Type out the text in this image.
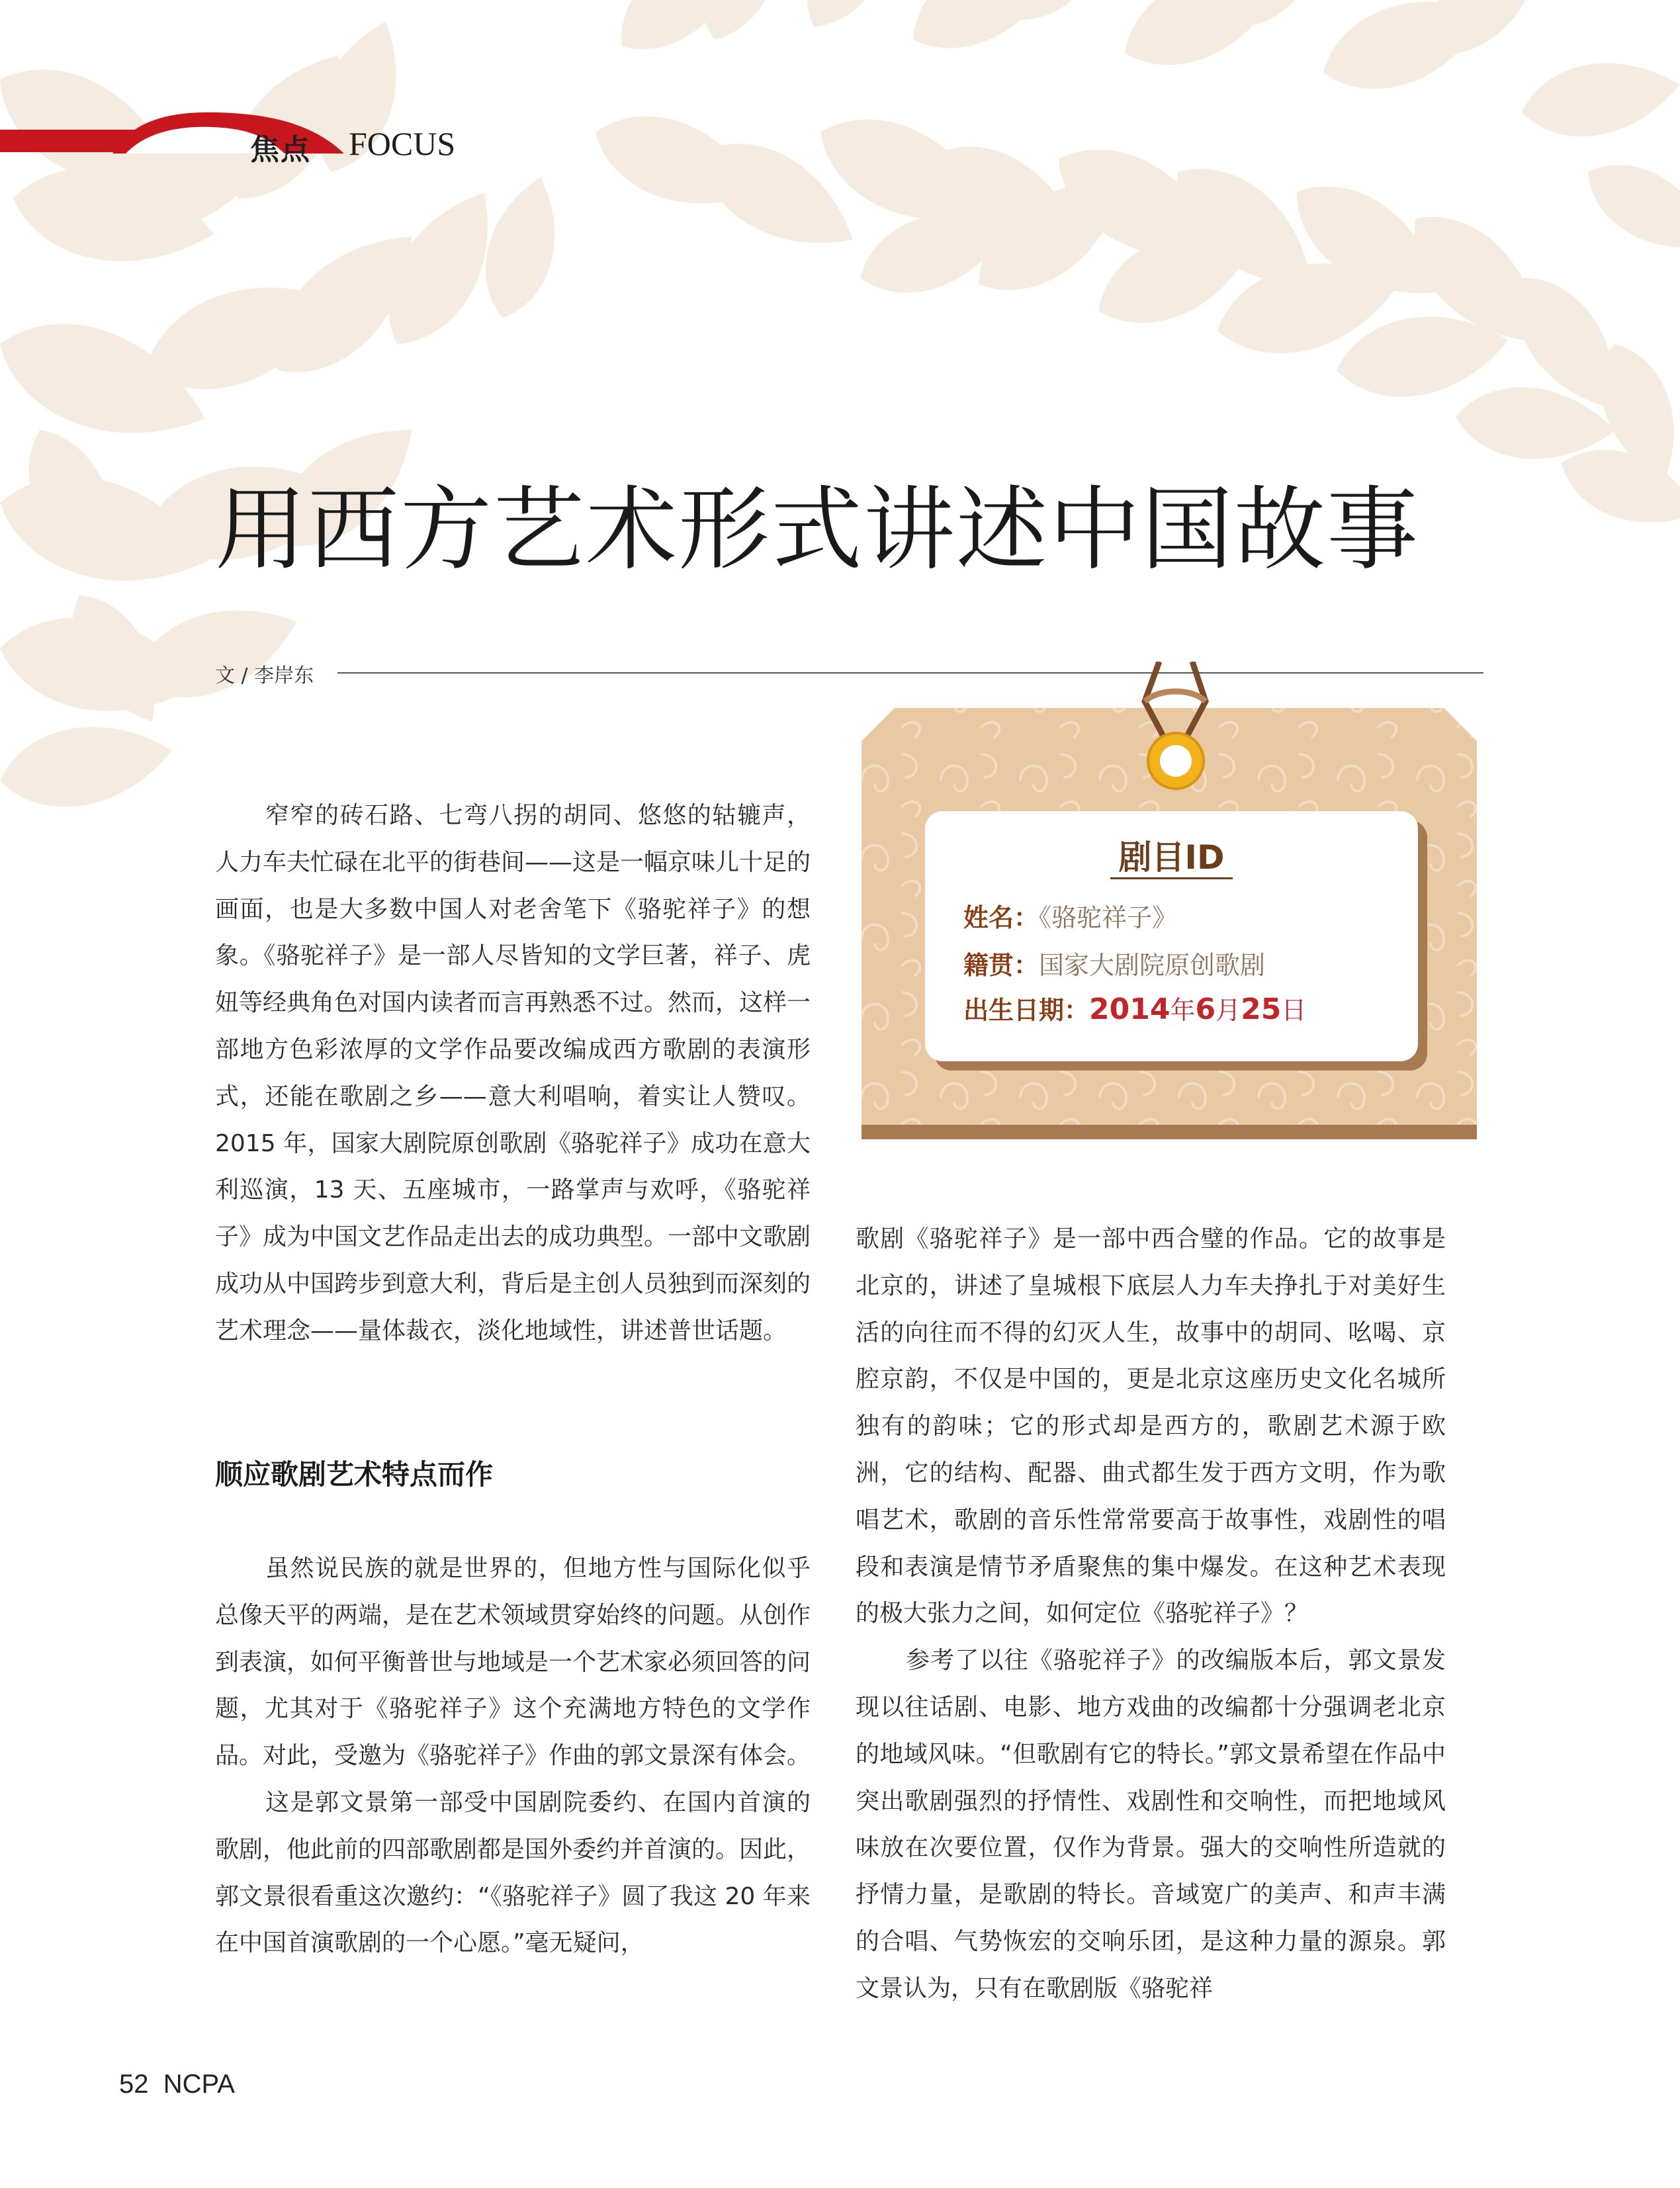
焦点 FOCUS
用西方艺术形式讲述中国故事
文 / 李岸东
剧目ID
姓名：《骆驼祥子》
籍贯：国家大剧院原创歌剧
出生日期：2014年6月25日

窄窄的砖石路、七弯八拐的胡同、悠悠的轱辘声，人力车夫忙碌在北平的街巷间——这是一幅京味儿十足的画面，也是大多数中国人对老舍笔下《骆驼祥子》的想象。《骆驼祥子》是一部人尽皆知的文学巨著，祥子、虎妞等经典角色对国内读者而言再熟悉不过。然而，这样一部地方色彩浓厚的文学作品要改编成西方歌剧的表演形式，还能在歌剧之乡——意大利唱响，着实让人赞叹。2015 年，国家大剧院原创歌剧《骆驼祥子》成功在意大利巡演，13 天、五座城市，一路掌声与欢呼，《骆驼祥子》成为中国文艺作品走出去的成功典型。一部中文歌剧成功从中国跨步到意大利，背后是主创人员独到而深刻的艺术理念——量体裁衣，淡化地域性，讲述普世话题。

顺应歌剧艺术特点而作

虽然说民族的就是世界的，但地方性与国际化似乎总像天平的两端，是在艺术领域贯穿始终的问题。从创作到表演，如何平衡普世与地域是一个艺术家必须回答的问题，尤其对于《骆驼祥子》这个充满地方特色的文学作品。对此，受邀为《骆驼祥子》作曲的郭文景深有体会。

这是郭文景第一部受中国剧院委约、在国内首演的歌剧，他此前的四部歌剧都是国外委约并首演的。因此，郭文景很看重这次邀约：“《骆驼祥子》圆了我这 20 年来在中国首演歌剧的一个心愿。”毫无疑问，

歌剧《骆驼祥子》是一部中西合璧的作品。它的故事是北京的，讲述了皇城根下底层人力车夫挣扎于对美好生活的向往而不得的幻灭人生，故事中的胡同、吆喝、京腔京韵，不仅是中国的，更是北京这座历史文化名城所独有的韵味；它的形式却是西方的，歌剧艺术源于欧洲，它的结构、配器、曲式都生发于西方文明，作为歌唱艺术，歌剧的音乐性常常要高于故事性，戏剧性的唱段和表演是情节矛盾聚焦的集中爆发。在这种艺术表现的极大张力之间，如何定位《骆驼祥子》？

参考了以往《骆驼祥子》的改编版本后，郭文景发现以往话剧、电影、地方戏曲的改编都十分强调老北京的地域风味。“但歌剧有它的特长。”郭文景希望在作品中突出歌剧强烈的抒情性、戏剧性和交响性，而把地域风味放在次要位置，仅作为背景。强大的交响性所造就的抒情力量，是歌剧的特长。音域宽广的美声、和声丰满的合唱、气势恢宏的交响乐团，是这种力量的源泉。郭文景认为，只有在歌剧版《骆驼祥

52 NCPA
